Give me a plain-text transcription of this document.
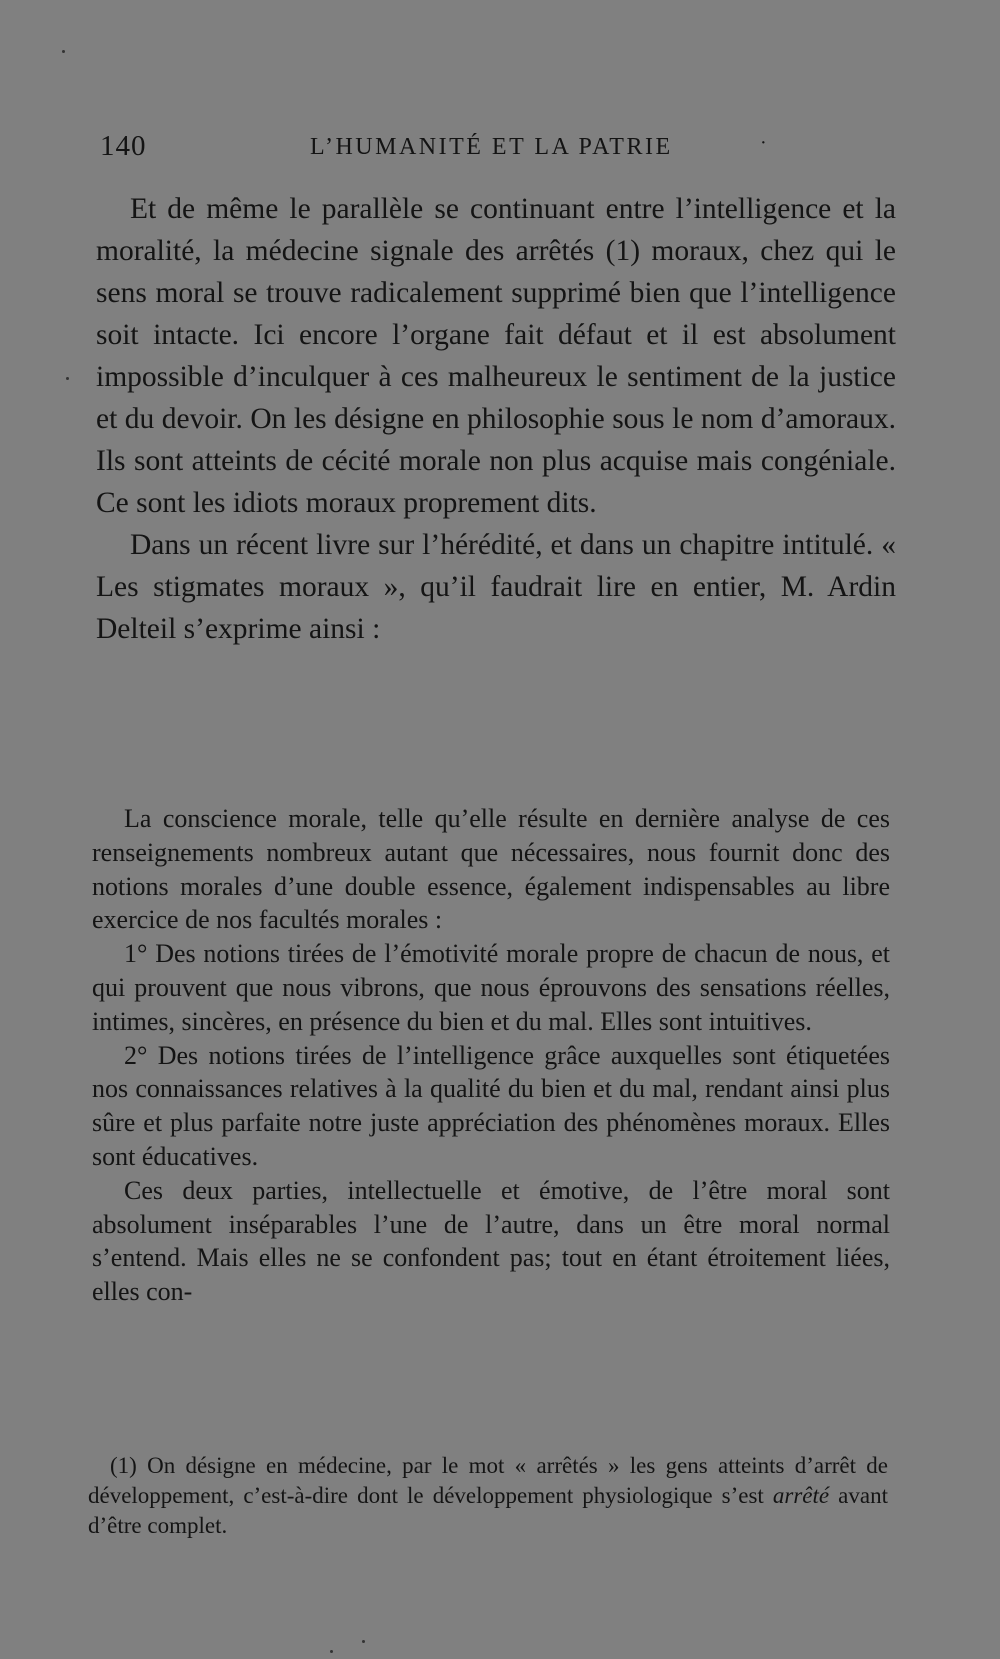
140	L’HUMANITÉ ET LA PATRIE	·

Et de même le parallèle se continuant entre l’intelligence et la moralité, la médecine signale des arrêtés (1) moraux, chez qui le sens moral se trouve radicalement supprimé bien que l’intelligence soit intacte. Ici encore l’organe fait défaut et il est absolument impossible d’inculquer à ces malheureux le sentiment de la justice et du devoir. On les désigne en philosophie sous le nom d’amoraux. Ils sont atteints de cécité morale non plus acquise mais congéniale. Ce sont les idiots moraux proprement dits.

Dans un récent livre sur l’hérédité, et dans un chapitre intitulé. « Les stigmates moraux », qu’il faudrait lire en entier, M. Ardin Delteil s’exprime ainsi :

La conscience morale, telle qu’elle résulte en dernière analyse de ces renseignements nombreux autant que nécessaires, nous fournit donc des notions morales d’une double essence, également indispensables au libre exercice de nos facultés morales :

1° Des notions tirées de l’émotivité morale propre de chacun de nous, et qui prouvent que nous vibrons, que nous éprouvons des sensations réelles, intimes, sincères, en présence du bien et du mal. Elles sont intuitives.

2° Des notions tirées de l’intelligence grâce auxquelles sont étiquetées nos connaissances relatives à la qualité du bien et du mal, rendant ainsi plus sûre et plus parfaite notre juste appréciation des phénomènes moraux. Elles sont éducatives.

Ces deux parties, intellectuelle et émotive, de l’être moral sont absolument inséparables l’une de l’autre, dans un être moral normal s’entend. Mais elles ne se confondent pas; tout en étant étroitement liées, elles con-

(1) On désigne en médecine, par le mot « arrêtés » les gens atteints d’arrêt de développement, c’est-à-dire dont le développement physiologique s’est arrêté avant d’être complet.
